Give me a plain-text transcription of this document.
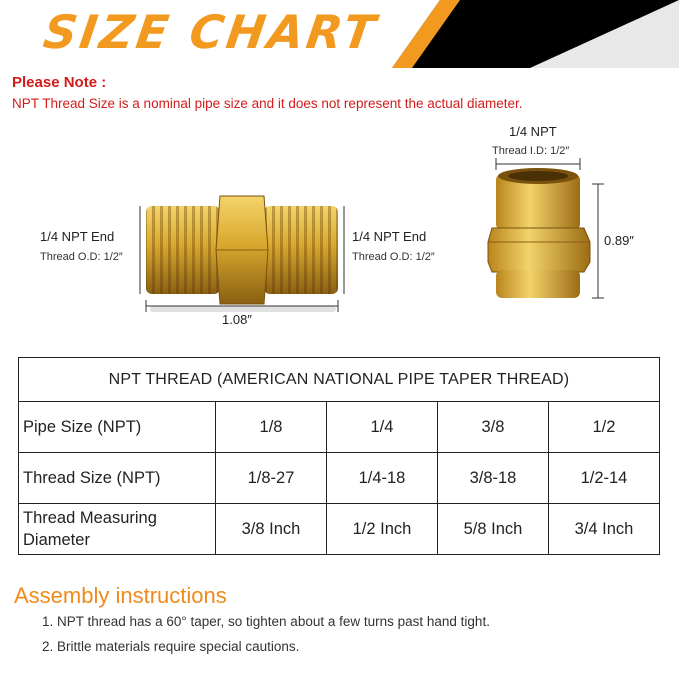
SIZE CHART
Please Note :
NPT Thread Size is a nominal pipe size and it does not represent the actual diameter.
1/4 NPT End
Thread O.D: 1/2″
1/4 NPT End
Thread O.D: 1/2″
1.08″
1/4 NPT
Thread I.D: 1/2″
0.89″
NPT THREAD (AMERICAN NATIONAL PIPE TAPER THREAD)				
Pipe Size (NPT)	1/8	1/4	3/8	1/2
Thread Size (NPT)	1/8-27	1/4-18	3/8-18	1/2-14

Thread Measuring
Diameter	3/8 Inch	1/2 Inch	5/8 Inch	3/4 Inch
Assembly instructions
1. NPT thread has a 60° taper, so tighten about a few turns past hand tight.
2. Brittle materials require special cautions.
